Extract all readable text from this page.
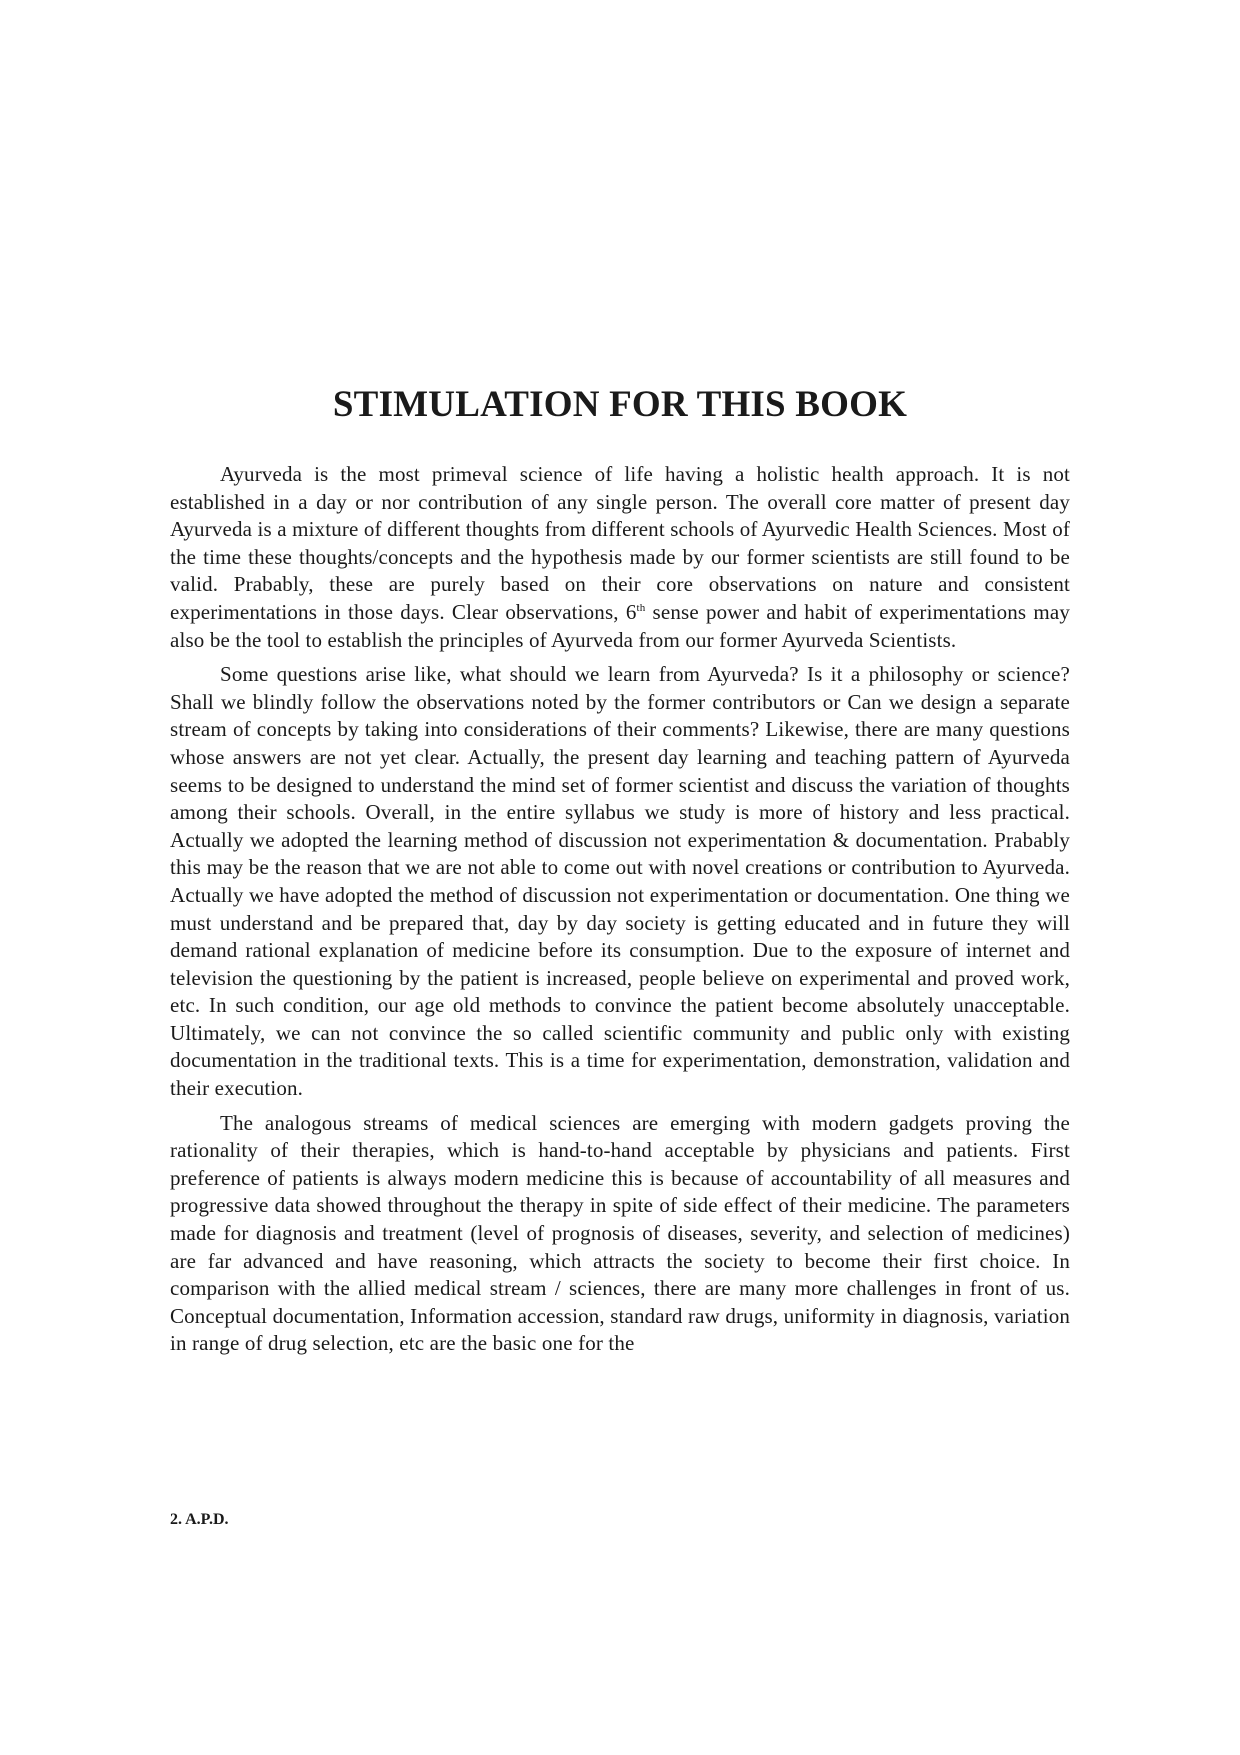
STIMULATION FOR THIS BOOK

Ayurveda is the most primeval science of life having a holistic health approach. It is not established in a day or nor contribution of any single person. The overall core matter of present day Ayurveda is a mixture of different thoughts from different schools of Ayurvedic Health Sciences. Most of the time these thoughts/concepts and the hypothesis made by our former scientists are still found to be valid. Prabably, these are purely based on their core observations on nature and consistent experimentations in those days. Clear observations, 6th sense power and habit of experimentations may also be the tool to establish the principles of Ayurveda from our former Ayurveda Scientists.

Some questions arise like, what should we learn from Ayurveda? Is it a philosophy or science? Shall we blindly follow the observations noted by the former contributors or Can we design a separate stream of concepts by taking into considerations of their comments? Likewise, there are many questions whose answers are not yet clear. Actually, the present day learning and teaching pattern of Ayurveda seems to be designed to understand the mind set of former scientist and discuss the variation of thoughts among their schools. Overall, in the entire syllabus we study is more of history and less practical. Actually we adopted the learning method of discussion not experimentation & documentation. Prabably this may be the reason that we are not able to come out with novel creations or contribution to Ayurveda. Actually we have adopted the method of discussion not experimentation or documentation. One thing we must understand and be prepared that, day by day society is getting educated and in future they will demand rational explanation of medicine before its consumption. Due to the exposure of internet and television the questioning by the patient is increased, people believe on experimental and proved work, etc. In such condition, our age old methods to convince the patient become absolutely unacceptable. Ultimately, we can not convince the so called scientific community and public only with existing documentation in the traditional texts. This is a time for experimentation, demonstration, validation and their execution.

The analogous streams of medical sciences are emerging with modern gadgets proving the rationality of their therapies, which is hand-to-hand acceptable by physicians and patients. First preference of patients is always modern medicine this is because of accountability of all measures and progressive data showed throughout the therapy in spite of side effect of their medicine. The parameters made for diagnosis and treatment (level of prognosis of diseases, severity, and selection of medicines) are far advanced and have reasoning, which attracts the society to become their first choice. In comparison with the allied medical stream / sciences, there are many more challenges in front of us. Conceptual documentation, Information accession, standard raw drugs, uniformity in diagnosis, variation in range of drug selection, etc are the basic one for the

2. A.P.D.
